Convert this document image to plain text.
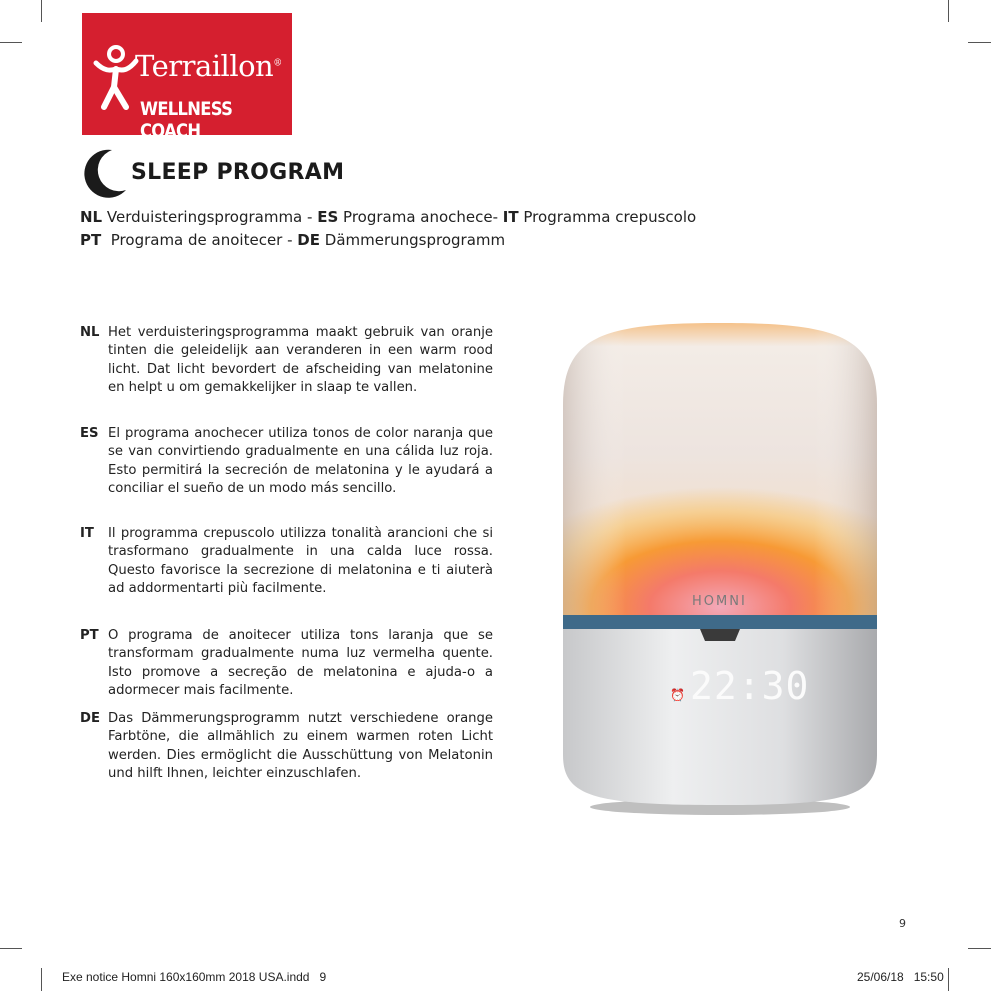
Terraillon®
WELLNESS COACH
SLEEP PROGRAM
NL Verduisteringsprogramma - ES Programa anochece- IT Programma crepuscolo
PT  Programa de anoitecer - DE Dämmerungsprogramm
NL Het verduisteringsprogramma maakt gebruik van oranje tinten die geleidelijk aan veranderen in een warm rood licht. Dat licht bevordert de afscheiding van melatonine en helpt u om gemakkelijker in slaap te vallen.
ES El programa anochecer utiliza tonos de color naranja que se van convirtiendo gradualmente en una cálida luz roja. Esto permitirá la secreción de melatonina y le ayudará a conciliar el sueño de un modo más sencillo.
IT Il programma crepuscolo utilizza tonalità arancioni che si trasformano gradualmente in una calda luce rossa. Questo favorisce la secrezione di melatonina e ti aiuterà ad addormentarti più facilmente.
PT O programa de anoitecer utiliza tons laranja que se transformam gradualmente numa luz vermelha quente. Isto promove a secreção de melatonina e ajuda-o a adormecer mais facilmente.
DE Das Dämmerungsprogramm nutzt verschiedene orange Farbtöne, die allmählich zu einem warmen roten Licht werden. Dies ermöglicht die Ausschüttung von Melatonin und hilft Ihnen, leichter einzuschlafen.
HOMNI
⏰ 22:30
9
Exe notice Homni 160x160mm 2018 USA.indd   9	25/06/18   15:50
